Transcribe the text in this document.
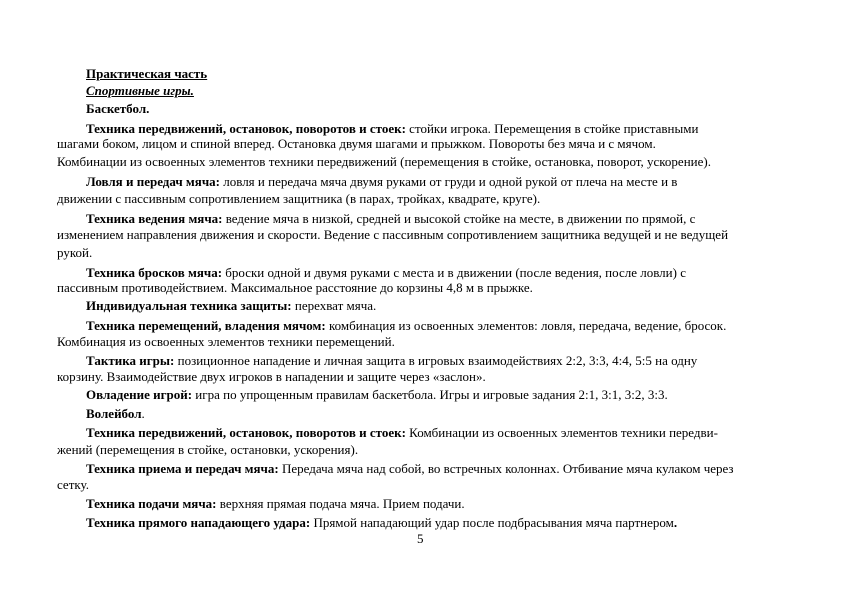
Практическая часть
Спортивные игры.
Баскетбол.
Техника передвижений, остановок, поворотов и стоек: стойки игрока. Перемещения в стойке приставными
шагами боком, лицом и спиной вперед. Остановка двумя шагами и прыжком. Повороты без мяча и с мячом.
Комбинации из освоенных элементов техники передвижений (перемещения в стойке, остановка, поворот, ускорение).
Ловля и передач мяча: ловля и передача мяча двумя руками от груди и одной рукой от плеча на месте и в
движении с пассивным сопротивлением защитника (в парах, тройках, квадрате, круге).
Техника ведения мяча: ведение мяча в низкой, средней и высокой стойке на месте, в движении по прямой, с
изменением направления движения и скорости. Ведение с пассивным сопротивлением защитника ведущей и не ведущей
рукой.
Техника бросков мяча: броски одной и двумя руками с места и в движении (после ведения, после ловли) с
пассивным противодействием. Максимальное расстояние до корзины 4,8 м в прыжке.
Индивидуальная техника защиты: перехват мяча.
Техника перемещений, владения мячом: комбинация из освоенных элементов: ловля, передача, ведение, бросок.
Комбинация из освоенных элементов техники перемещений.
Тактика игры: позиционное нападение и личная защита в игровых взаимодействиях 2:2, 3:3, 4:4, 5:5 на одну
корзину. Взаимодействие двух игроков в нападении и защите через «заслон».
Овладение игрой: игра по упрощенным правилам баскетбола. Игры и игровые задания 2:1, 3:1, 3:2, 3:3.
Волейбол.
Техника передвижений, остановок, поворотов и стоек: Комбинации из освоенных элементов техники передви-
жений (перемещения в стойке, остановки, ускорения).
Техника приема и передач мяча: Передача мяча над собой, во встречных колоннах. Отбивание мяча кулаком через
сетку.
Техника подачи мяча: верхняя прямая подача мяча. Прием подачи.
Техника прямого нападающего удара: Прямой нападающий удар после подбрасывания мяча партнером.
5
